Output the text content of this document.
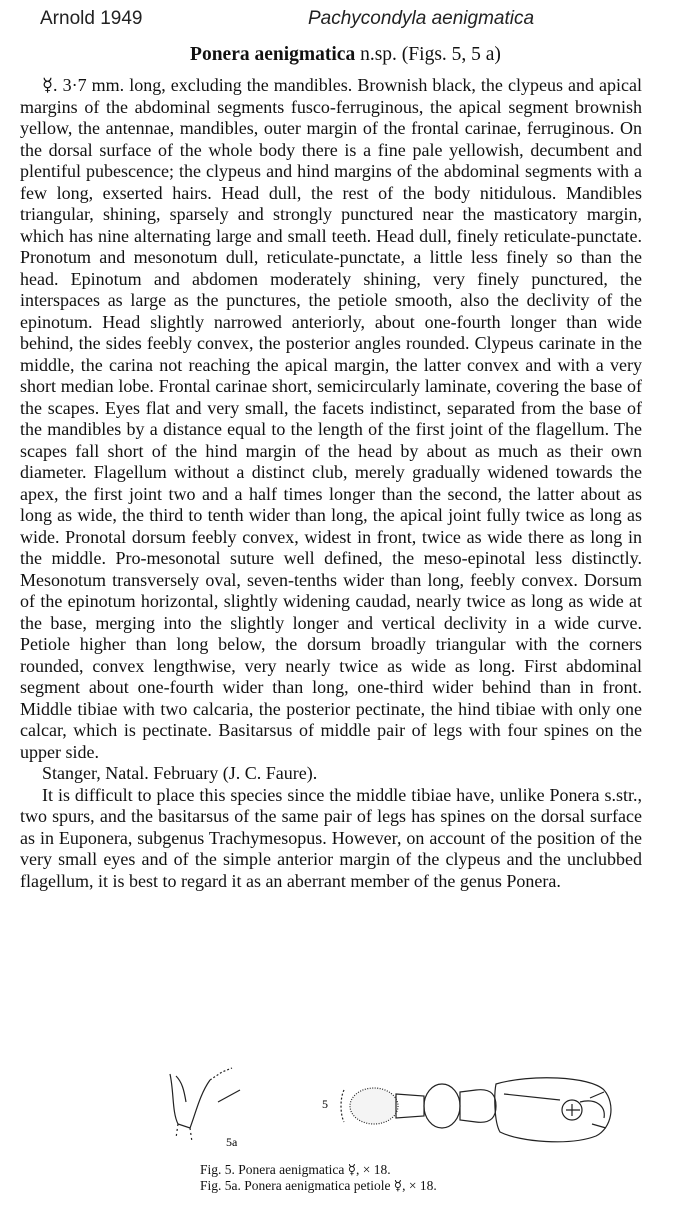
Arnold 1949	Pachycondyla aenigmatica
Ponera aenigmatica n.sp. (Figs. 5, 5 a)

☿. 3·7 mm. long, excluding the mandibles. Brownish black, the clypeus and apical margins of the abdominal segments fusco-ferruginous, the apical segment brownish yellow, the antennae, mandibles, outer margin of the frontal carinae, ferruginous. On the dorsal surface of the whole body there is a fine pale yellowish, decumbent and plentiful pubescence; the clypeus and hind margins of the abdominal segments with a few long, exserted hairs. Head dull, the rest of the body nitidulous. Mandibles triangular, shining, sparsely and strongly punctured near the masticatory margin, which has nine alternating large and small teeth. Head dull, finely reticulate-punctate. Pronotum and mesonotum dull, reticulate-punctate, a little less finely so than the head. Epinotum and abdomen moderately shining, very finely punctured, the interspaces as large as the punctures, the petiole smooth, also the declivity of the epinotum. Head slightly narrowed anteriorly, about one-fourth longer than wide behind, the sides feebly convex, the posterior angles rounded. Clypeus carinate in the middle, the carina not reaching the apical margin, the latter convex and with a very short median lobe. Frontal carinae short, semicircularly laminate, covering the base of the scapes. Eyes flat and very small, the facets indistinct, separated from the base of the mandibles by a distance equal to the length of the first joint of the flagellum. The scapes fall short of the hind margin of the head by about as much as their own diameter. Flagellum without a distinct club, merely gradually widened towards the apex, the first joint two and a half times longer than the second, the latter about as long as wide, the third to tenth wider than long, the apical joint fully twice as long as wide. Pronotal dorsum feebly convex, widest in front, twice as wide there as long in the middle. Pro-mesonotal suture well defined, the meso-epinotal less distinctly. Mesonotum transversely oval, seven-tenths wider than long, feebly convex. Dorsum of the epinotum horizontal, slightly widening caudad, nearly twice as long as wide at the base, merging into the slightly longer and vertical declivity in a wide curve. Petiole higher than long below, the dorsum broadly triangular with the corners rounded, convex lengthwise, very nearly twice as wide as long. First abdominal segment about one-fourth wider than long, one-third wider behind than in front. Middle tibiae with two calcaria, the posterior pectinate, the hind tibiae with only one calcar, which is pectinate. Basitarsus of middle pair of legs with four spines on the upper side.

Stanger, Natal. February (J. C. Faure).

It is difficult to place this species since the middle tibiae have, unlike Ponera s.str., two spurs, and the basitarsus of the same pair of legs has spines on the dorsal surface as in Euponera, subgenus Trachymesopus. However, on account of the position of the very small eyes and of the simple anterior margin of the clypeus and the unclubbed flagellum, it is best to regard it as an aberrant member of the genus Ponera.

5a
5
Fig. 5. Ponera aenigmatica ☿, × 18.
Fig. 5a. Ponera aenigmatica petiole ☿, × 18.
